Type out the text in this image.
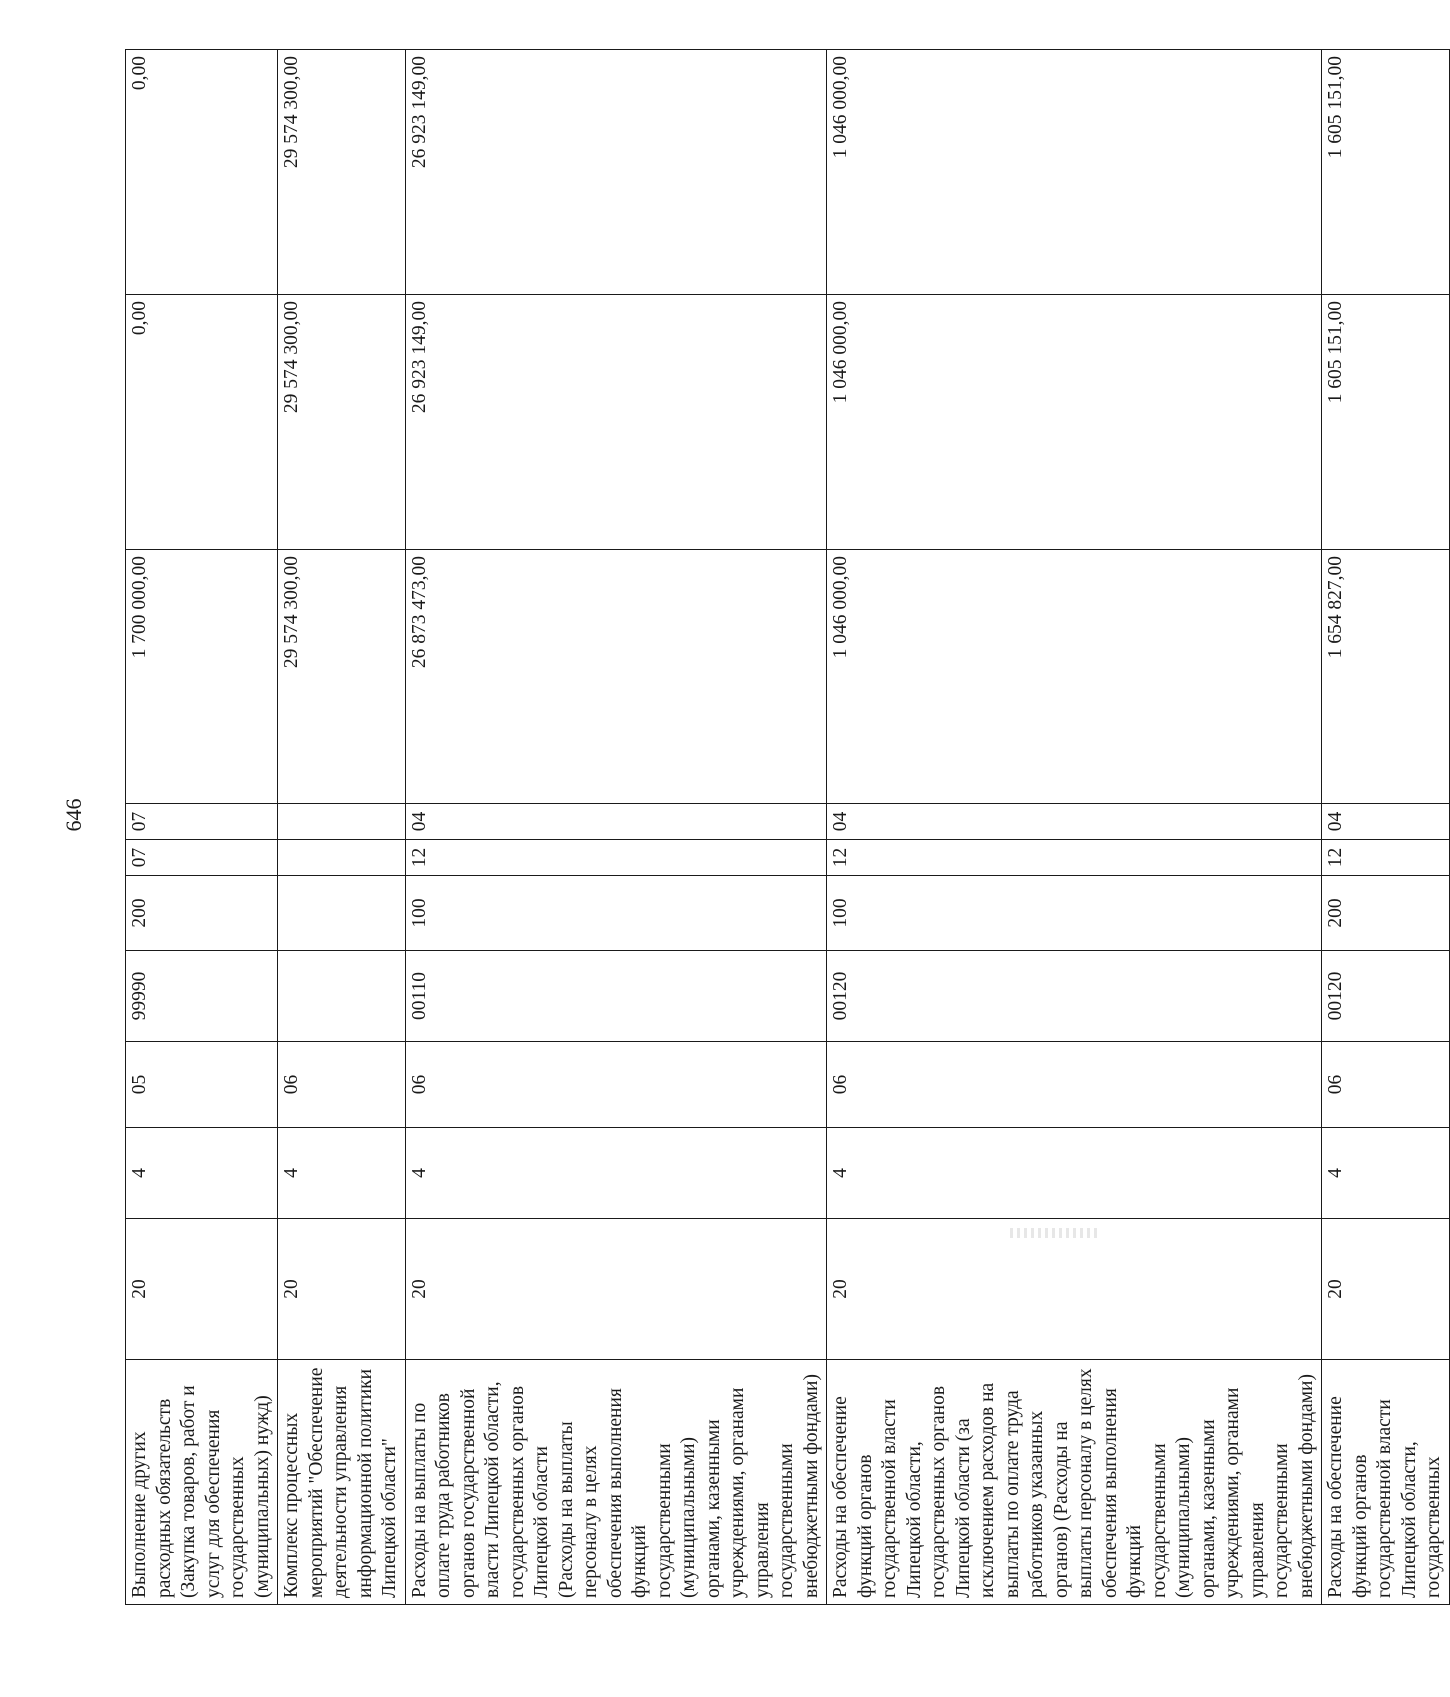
646
Выполнение других расходных обязательств (Закупка товаров, работ и услуг для обеспечения государственных (муниципальных) нужд)	20	4	05	99990	200	07	07	1 700 000,00	0,00	0,00
Комплекс процессных мероприятий "Обеспечение деятельности управления информационной политики Липецкой области"	20	4	06					29 574 300,00	29 574 300,00	29 574 300,00
Расходы на выплаты по оплате труда работников органов государственной власти Липецкой области, государственных органов Липецкой области (Расходы на выплаты персоналу в целях обеспечения выполнения функций государственными (муниципальными) органами, казенными учреждениями, органами управления государственными внебюджетными фондами)	20	4	06	00110	100	12	04	26 873 473,00	26 923 149,00	26 923 149,00
Расходы на обеспечение функций органов государственной власти Липецкой области, государственных органов Липецкой области (за исключением расходов на выплаты по оплате труда работников указанных органов) (Расходы на выплаты персоналу в целях обеспечения выполнения функций государственными (муниципальными) органами, казенными учреждениями, органами управления государственными внебюджетными фондами)	20	4	06	00120	100	12	04	1 046 000,00	1 046 000,00	1 046 000,00
Расходы на обеспечение функций органов государственной власти Липецкой области, государственных	20	4	06	00120	200	12	04	1 654 827,00	1 605 151,00	1 605 151,00
